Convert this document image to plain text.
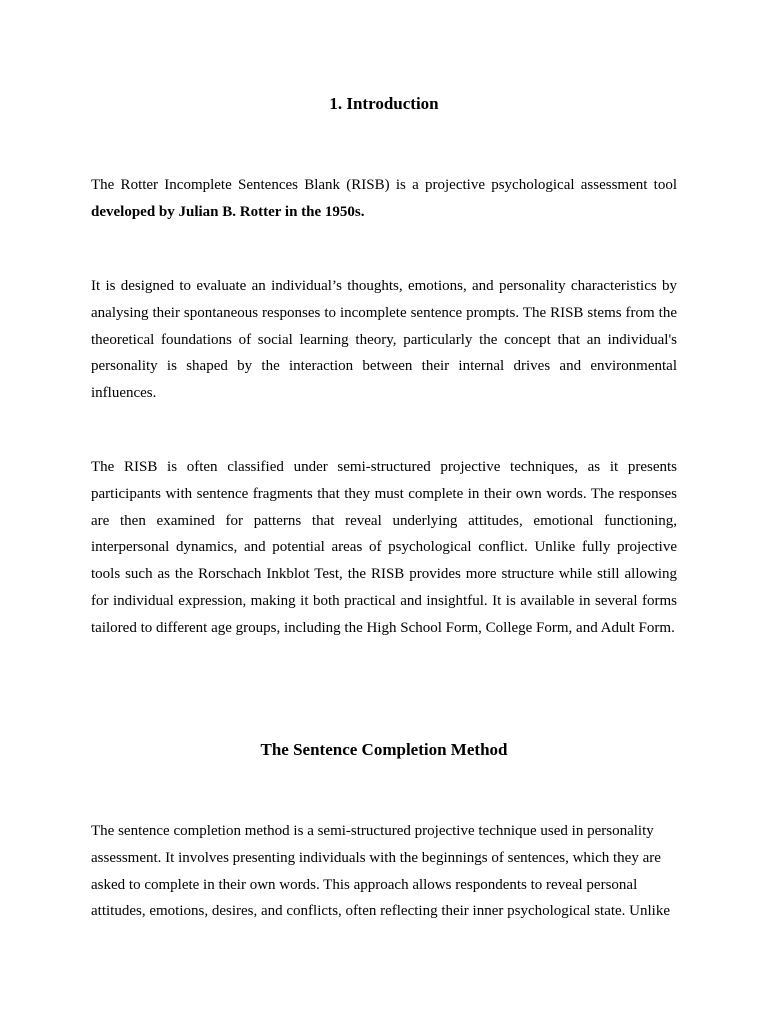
1. Introduction

The Rotter Incomplete Sentences Blank (RISB) is a projective psychological assessment tool developed by Julian B. Rotter in the 1950s.

It is designed to evaluate an individual’s thoughts, emotions, and personality characteristics by analysing their spontaneous responses to incomplete sentence prompts. The RISB stems from the theoretical foundations of social learning theory, particularly the concept that an individual's personality is shaped by the interaction between their internal drives and environmental influences.

The RISB is often classified under semi-structured projective techniques, as it presents participants with sentence fragments that they must complete in their own words. The responses are then examined for patterns that reveal underlying attitudes, emotional functioning, interpersonal dynamics, and potential areas of psychological conflict. Unlike fully projective tools such as the Rorschach Inkblot Test, the RISB provides more structure while still allowing for individual expression, making it both practical and insightful. It is available in several forms tailored to different age groups, including the High School Form, College Form, and Adult Form.

The Sentence Completion Method

The sentence completion method is a semi-structured projective technique used in personality assessment. It involves presenting individuals with the beginnings of sentences, which they are asked to complete in their own words. This approach allows respondents to reveal personal attitudes, emotions, desires, and conflicts, often reflecting their inner psychological state. Unlike
